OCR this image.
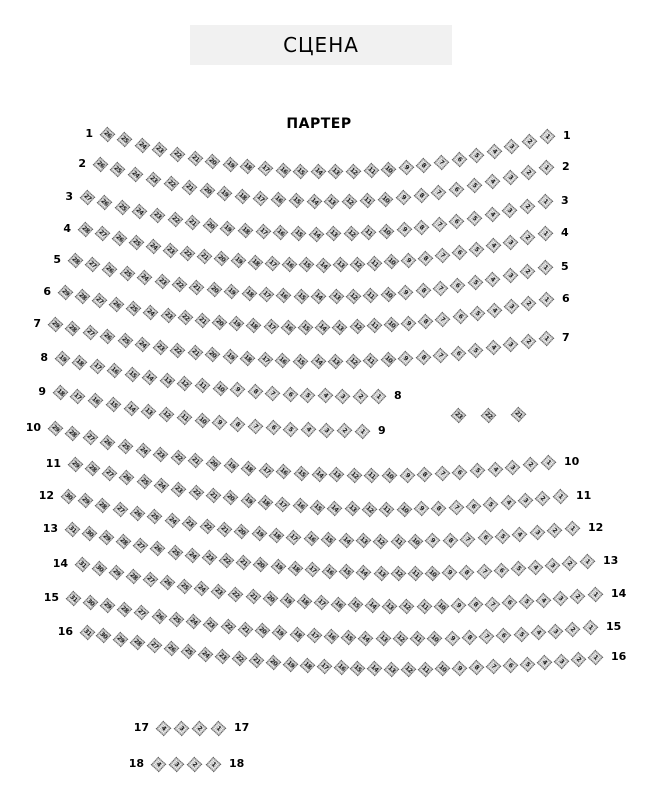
СЦЕНА
ПАРТЕР
1 26
25
24 23 22 21 20 19 18 17 16 15 14 13 12 11 10 9 8 7 6 5
4
3
2
1 1
2 26
25
24 23 22 21 20 19 18 17 16 15 14 13 12 11 10 9 8 7 6 5
4
3
2
1 2
3 27
26 25 24 23 22 21 20 19 18 17 16 15 14 13 12 11 10 9 8 7 6 5 4
3
2
1 3
4 28 27 26 25 24 23 22 21 20 19 18 17 16 15 14 13 12 11 10 9 8 7 6 5 4
3
2
1 4
5 28 27 26 25 24 23 22 21 20 19 18 17 16 15 14 13 12 11 10 9 8 7 6 5 4 3
2
1 5
6 29 28 27 26 25 24 23 22 21 20 19 18 17 16 15 14 13 12 11 10 9 8 7 6 5 4 3
2
1 6
7 29 28 27 26 25 24 23 22 21 20 19 18 17 16 15 14 13 12 11 10 9 8 7 6 5 4 3 2 1 7
8 19 18 17 16 15 14 13 12 11 10 9 8 7 6 5 4 3 2 1 8
9 18 17 16 15 14 13 12 11 10 9 8 7 6 5 4 3 2 1 9
10 29 28 27 26 25 24 23 22 21 20 19 18 17 16 15 14 13 12 11 10 9 8 7 6 5 4 3 2 1 10
11 29 28 27 26 25 24 23 22 21 20 19 18 17 16 15 14 13 12 11 10 9 8 7 6 5 4 3 2 1 11
12 30 29 28 27 26 25 24 23 22 21 20 19 18 17 16 15 14 13 12 11 10 9 8 7 6 5 4 3 2 1 12
13 31 30 29 28 27 26 25 24 23 22 21 20 19 18 17 16 15 14 13 12 11 10 9 8 7 6 5 4 3 2 1 13
14 31 30 29 28 27 26 25 24 23 22 21 20 19 18 17 16 15 14 13 12 11 10 9 8 7 6 5 4 3 2 1 14
15 31 30 29 28 27 26 25 24 23 22 21 20 19 18 17 16 15 14 13 12 11 10 9 8 7 6 5 4 3 2 1 15
16 31 30 29 28 27 26 25 24 23 22 21 20 19 18 17 16 15 14 13 12 11 10 9 8 7 6 5 4 3 2 1 16
17 4 3 2 1 17
18 4 3 2 1 18
23	22	21
